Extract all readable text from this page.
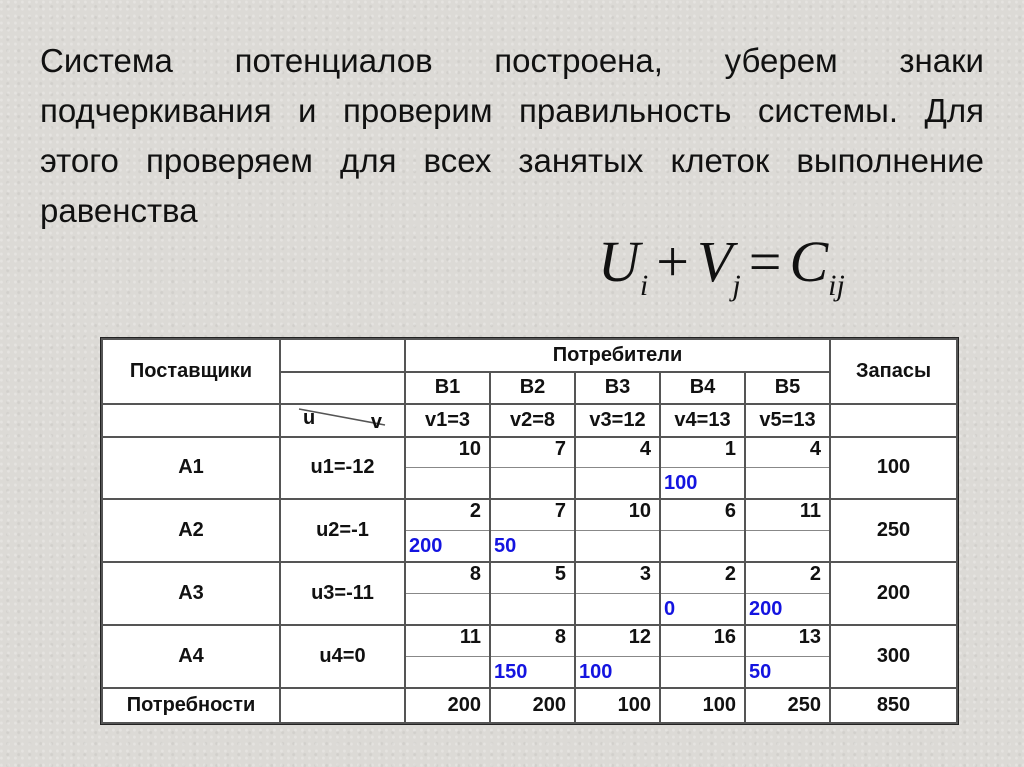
Система потенциалов построена, уберем знаки подчеркивания и проверим правильность системы. Для этого проверяем для всех занятых клеток выполнение равенства
$U_i + V_j = C_{ij}$
Поставщики		Потребители					Запасы
		B1	B2	B3	B4	B5	

	u v	v1=3	v2=8	v3=12	v4=13	v5=13	
A1	u1=-12	10	7	4	1	4	100
					100		
A2	u2=-1	2	7	10	6	11	250
		200	50				
A3	u3=-11	8	5	3	2	2	200
					0	200	
A4	u4=0	11	8	12	16	13	300
			150	100		50	
Потребности		200	200	100	100	250	850
